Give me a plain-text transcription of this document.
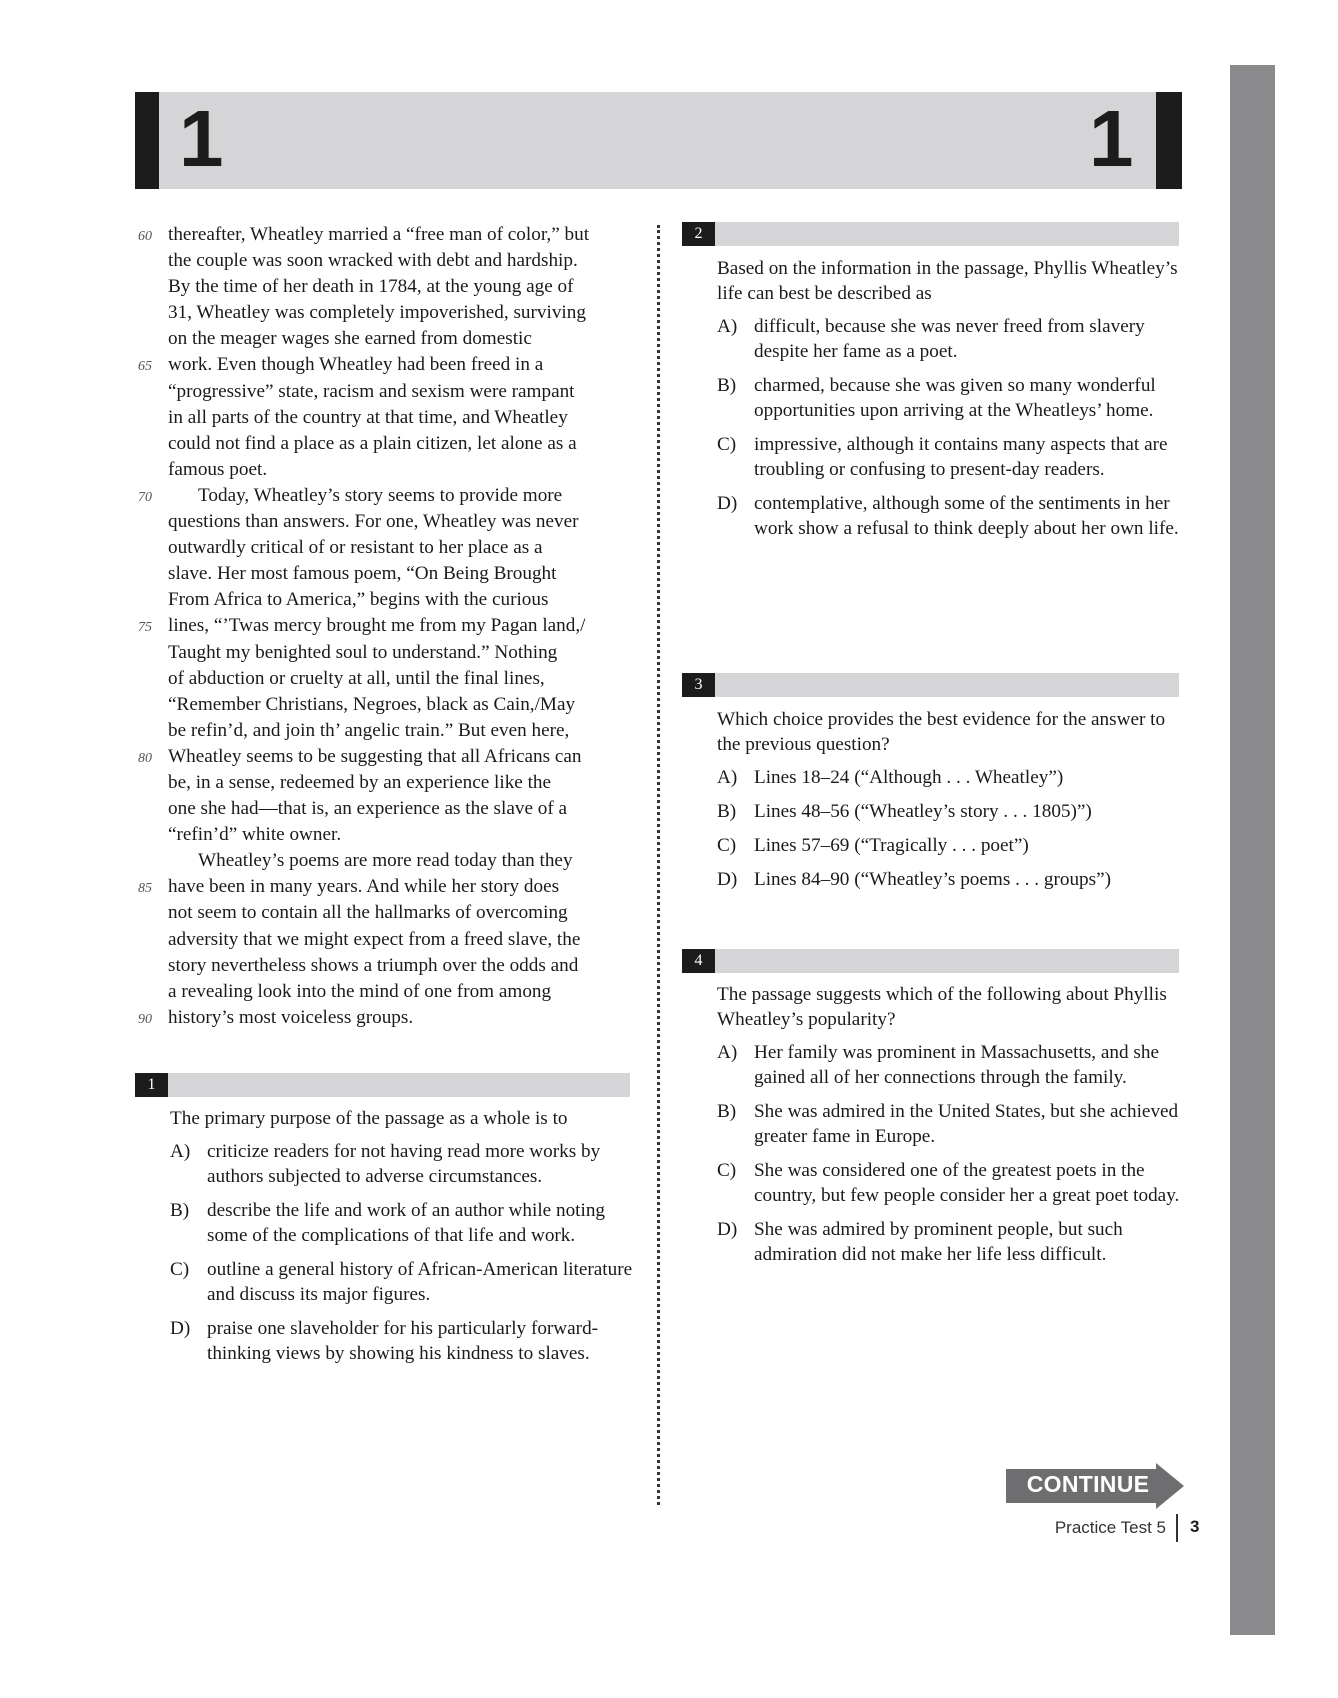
1	1
60 thereafter, Wheatley married a “free man of color,” but
the couple was soon wracked with debt and hardship.
By the time of her death in 1784, at the young age of
31, Wheatley was completely impoverished, surviving
on the meager wages she earned from domestic
65 work. Even though Wheatley had been freed in a
“progressive” state, racism and sexism were rampant
in all parts of the country at that time, and Wheatley
could not find a place as a plain citizen, let alone as a
famous poet.
70 Today, Wheatley’s story seems to provide more
questions than answers. For one, Wheatley was never
outwardly critical of or resistant to her place as a
slave. Her most famous poem, “On Being Brought
From Africa to America,” begins with the curious
75 lines, “’Twas mercy brought me from my Pagan land,/
Taught my benighted soul to understand.” Nothing
of abduction or cruelty at all, until the final lines,
“Remember Christians, Negroes, black as Cain,/May
be refin’d, and join th’ angelic train.” But even here,
80 Wheatley seems to be suggesting that all Africans can
be, in a sense, redeemed by an experience like the
one she had—that is, an experience as the slave of a
“refin’d” white owner.
Wheatley’s poems are more read today than they
85 have been in many years. And while her story does
not seem to contain all the hallmarks of overcoming
adversity that we might expect from a freed slave, the
story nevertheless shows a triumph over the odds and
a revealing look into the mind of one from among
90 history’s most voiceless groups.
1
The primary purpose of the passage as a whole is to
A) criticize readers for not having read more works by authors subjected to adverse circumstances.
B) describe the life and work of an author while noting some of the complications of that life and work.
C) outline a general history of African-American literature and discuss its major figures.
D) praise one slaveholder for his particularly forward-thinking views by showing his kindness to slaves.
2
Based on the information in the passage, Phyllis Wheatley’s life can best be described as
A) difficult, because she was never freed from slavery despite her fame as a poet.
B) charmed, because she was given so many wonderful opportunities upon arriving at the Wheatleys’ home.
C) impressive, although it contains many aspects that are troubling or confusing to present-day readers.
D) contemplative, although some of the sentiments in her work show a refusal to think deeply about her own life.
3
Which choice provides the best evidence for the answer to the previous question?
A) Lines 18–24 (“Although . . . Wheatley”)
B) Lines 48–56 (“Wheatley’s story . . . 1805)”)
C) Lines 57–69 (“Tragically . . . poet”)
D) Lines 84–90 (“Wheatley’s poems . . . groups”)
4
The passage suggests which of the following about Phyllis Wheatley’s popularity?
A) Her family was prominent in Massachusetts, and she gained all of her connections through the family.
B) She was admired in the United States, but she achieved greater fame in Europe.
C) She was considered one of the greatest poets in the country, but few people consider her a great poet today.
D) She was admired by prominent people, but such admiration did not make her life less difficult.
CONTINUE
Practice Test 5 3
